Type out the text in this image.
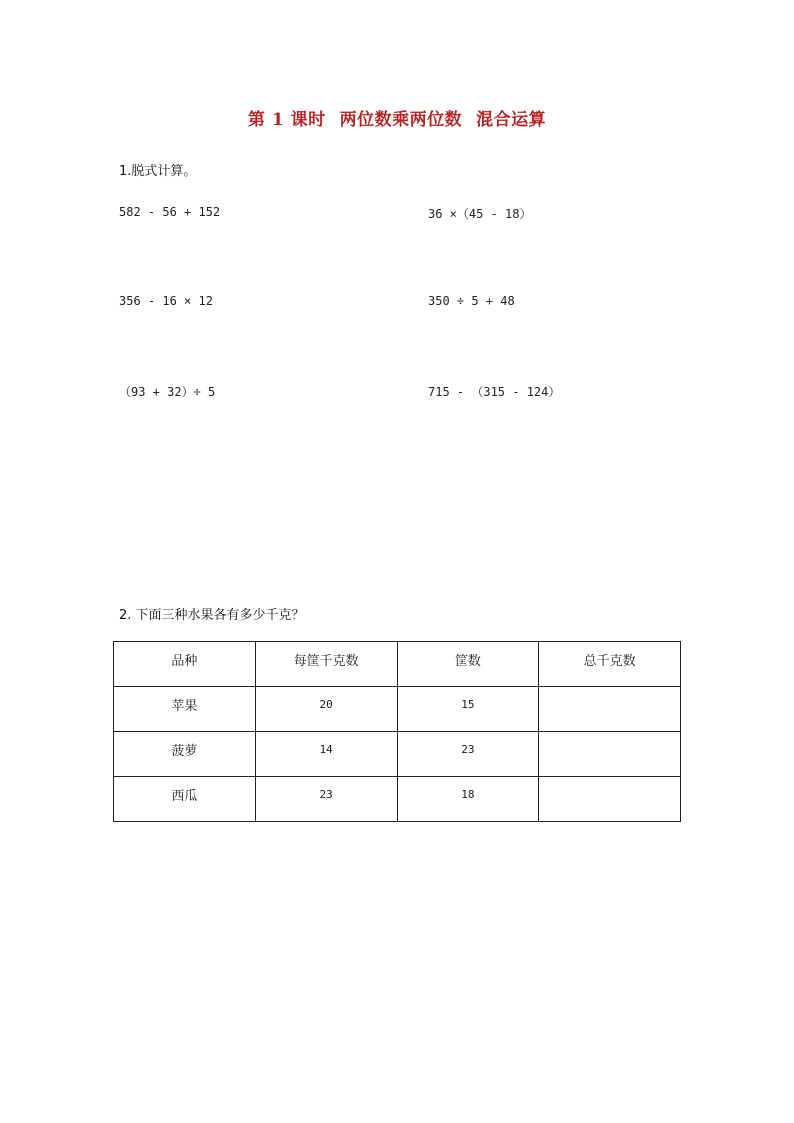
第 1 课时 两位数乘两位数 混合运算
1.脱式计算。
582 - 56 + 152	36 ×（45 - 18）
356 - 16 × 12	350 ÷ 5 + 48
（93 + 32）÷ 5	715 - （315 - 124）
2. 下面三种水果各有多少千克？
品种	每筐千克数	筐数	总千克数
苹果	20	15	
菠萝	14	23	
西瓜	23	18	
